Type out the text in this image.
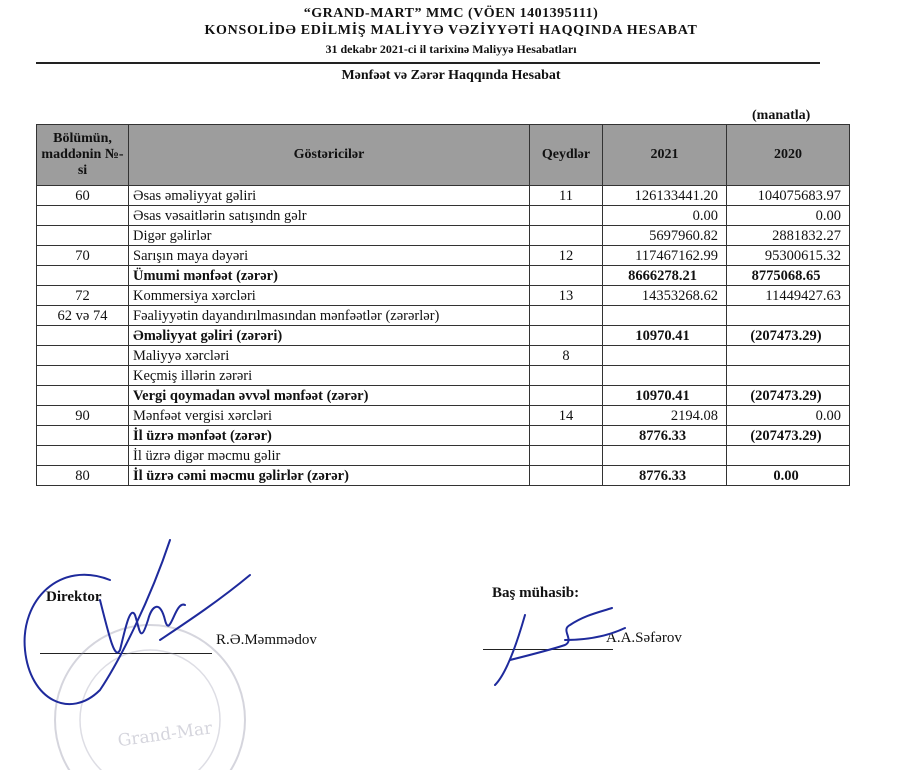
“GRAND-MART” MMC (VÖEN 1401395111)
KONSOLİDƏ EDİLMİŞ MALİYYƏ VƏZİYYƏTİ HAQQINDA HESABAT
31 dekabr 2021-ci il tarixinə Maliyyə Hesabatları
Mənfəət və Zərər Haqqında Hesabat
(manatla)
Bölümün, maddənin №-si	Göstəricilər	Qeydlər	2021	2020
60	Əsas əməliyyat gəliri	11	126133441.20	104075683.97
	Əsas vəsaitlərin satışındn gəlr		0.00	0.00
	Digər gəlirlər		5697960.82	2881832.27
70	Sarışın maya dəyəri	12	117467162.99	95300615.32
	Ümumi mənfəət (zərər)		8666278.21	8775068.65
72	Kommersiya xərcləri	13	14353268.62	11449427.63
62 və 74	Fəaliyyətin dayandırılmasından mənfəətlər (zərərlər)			
	Əməliyyat gəliri (zərəri)		10970.41	(207473.29)
	Maliyyə xərcləri	8		
	Keçmiş illərin zərəri			
	Vergi qoymadan əvvəl mənfəət (zərər)		10970.41	(207473.29)
90	Mənfəət vergisi xərcləri	14	2194.08	0.00
	İl üzrə mənfəət (zərər)		8776.33	(207473.29)
	İl üzrə digər məcmu gəlir			
80	İl üzrə cəmi məcmu gəlirlər (zərər)		8776.33	0.00
Direktor
R.Ə.Məmmədov
Baş mühasib:
A.A.Səfərov
Grand-Mar
